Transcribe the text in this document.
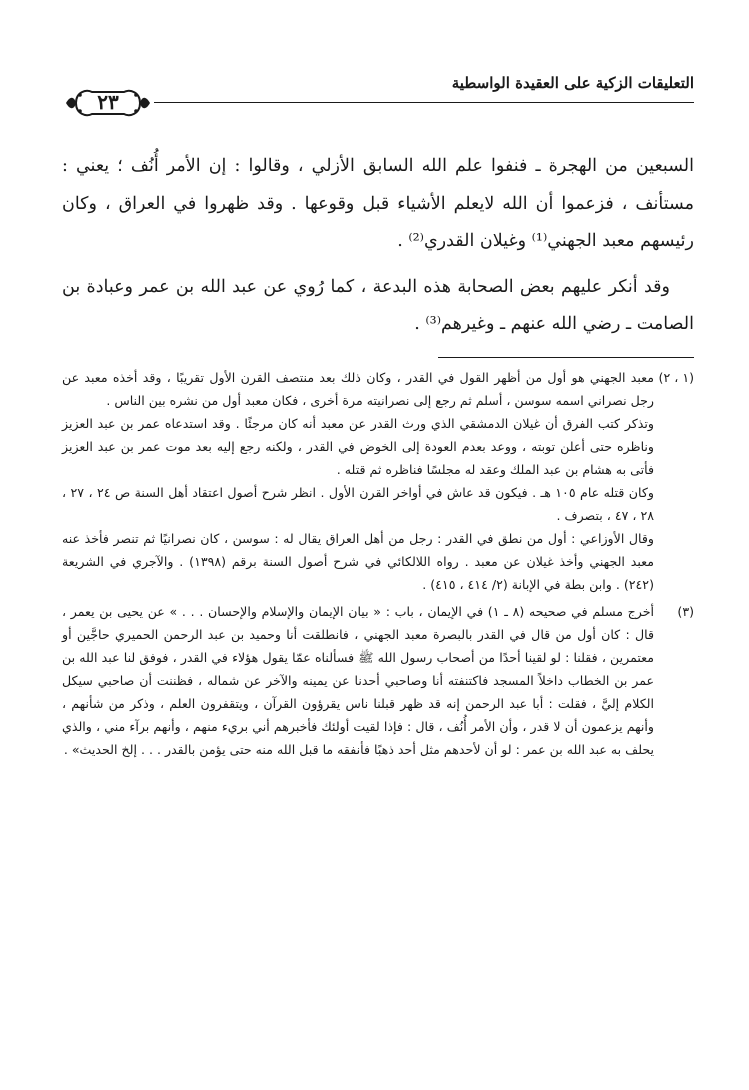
التعليقات الزكية على العقيدة الواسطية
٢٣

السبعين من الهجرة ـ فنفوا علم الله السابق الأزلي ، وقالوا : إن الأمر أُنُف ؛ يعني : مستأنف ، فزعموا أن الله لايعلم الأشياء قبل وقوعها . وقد ظهروا في العراق ، وكان رئيسهم معبد الجهني⁽¹⁾ وغيلان القدري⁽²⁾ .

وقد أنكر عليهم بعض الصحابة هذه البدعة ، كما رُوي عن عبد الله بن عمر وعبادة بن الصامت ـ رضي الله عنهم ـ وغيرهم⁽³⁾ .

(١ ، ٢)

معبد الجهني هو أول من أظهر القول في القدر ، وكان ذلك بعد منتصف القرن الأول تقريبًا ، وقد أخذه معبد عن رجل نصراني اسمه سوسن ، أسلم ثم رجع إلى نصرانيته مرة أخرى ، فكان معبد أول من نشره بين الناس .

وتذكر كتب الفرق أن غيلان الدمشقي الذي ورث القدر عن معبد أنه كان مرجئًا . وقد استدعاه عمر بن عبد العزيز وناظره حتى أعلن توبته ، ووعد بعدم العودة إلى الخوض في القدر ، ولكنه رجع إليه بعد موت عمر بن عبد العزيز فأتى به هشام بن عبد الملك وعقد له مجلسًا فناظره ثم قتله .

وكان قتله عام ١٠٥ هـ . فيكون قد عاش في أواخر القرن الأول . انظر شرح أصول اعتقاد أهل السنة ص ٢٤ ، ٢٧ ، ٢٨ ، ٤٧ ، بتصرف .

وقال الأوزاعي : أول من نطق في القدر : رجل من أهل العراق يقال له : سوسن ، كان نصرانيًا ثم تنصر فأخذ عنه معبد الجهني وأخذ غيلان عن معبد . رواه اللالكائي في شرح أصول السنة برقم (١٣٩٨) . والآجري في الشريعة (٢٤٢) . وابن بطة في الإبانة (٢/ ٤١٤ ، ٤١٥) .

(٣)

أخرج مسلم في صحيحه (٨ ـ ١) في الإيمان ، باب : « بيان الإيمان والإسلام والإحسان . . . » عن يحيى بن يعمر ، قال : كان أول من قال في القدر بالبصرة معبد الجهني ، فانطلقت أنا وحميد بن عبد الرحمن الحميري حاجَّين أو معتمرين ، فقلنا : لو لقينا أحدًا من أصحاب رسول الله ﷺ فسألناه عمّا يقول هؤلاء في القدر ، فوفق لنا عبد الله بن عمر بن الخطاب داخلاً المسجد فاكتنفته أنا وصاحبي أحدنا عن يمينه والآخر عن شماله ، فظننت أن صاحبي سيكل الكلام إليَّ ، فقلت : أبا عبد الرحمن إنه قد ظهر قبلنا ناس يقرؤون القرآن ، ويتقفرون العلم ، وذكر من شأنهم ، وأنهم يزعمون أن لا قدر ، وأن الأمر أُنُف ، قال : فإذا لقيت أولئك فأخبرهم أني بريء منهم ، وأنهم برآء مني ، والذي يحلف به عبد الله بن عمر : لو أن لأحدهم مثل أحد ذهبًا فأنفقه ما قبل الله منه حتى يؤمن بالقدر . . . إلخ الحديث» .
